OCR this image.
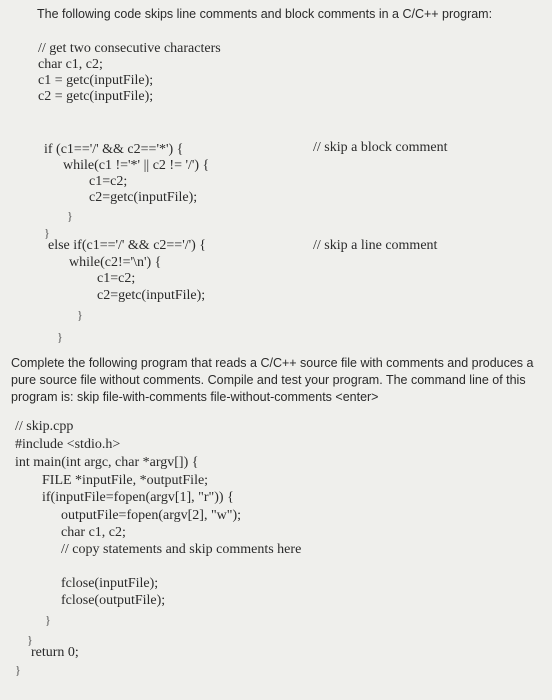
The following code skips line comments and block comments in a C/C++ program:
// get two consecutive characters
char c1, c2;
c1 = getc(inputFile);
c2 = getc(inputFile);
if (c1=='/' && c2=='*') {	// skip a block comment
while(c1 !='*' || c2 != '/') {
c1=c2;
c2=getc(inputFile);
}
}
else if(c1=='/' && c2=='/') {	// skip a line comment
while(c2!='\n') {
c1=c2;
c2=getc(inputFile);
}
}
Complete the following program that reads a C/C++ source file with comments and produces a
pure source file without comments. Compile and test your program. The command line of this
program is: skip file-with-comments file-without-comments <enter>
// skip.cpp
#include <stdio.h>
int main(int argc, char *argv[]) {
FILE *inputFile, *outputFile;
if(inputFile=fopen(argv[1], "r")) {
outputFile=fopen(argv[2], "w");
char c1, c2;
// copy statements and skip comments here
fclose(inputFile);
fclose(outputFile);
}
}
return 0;
}
